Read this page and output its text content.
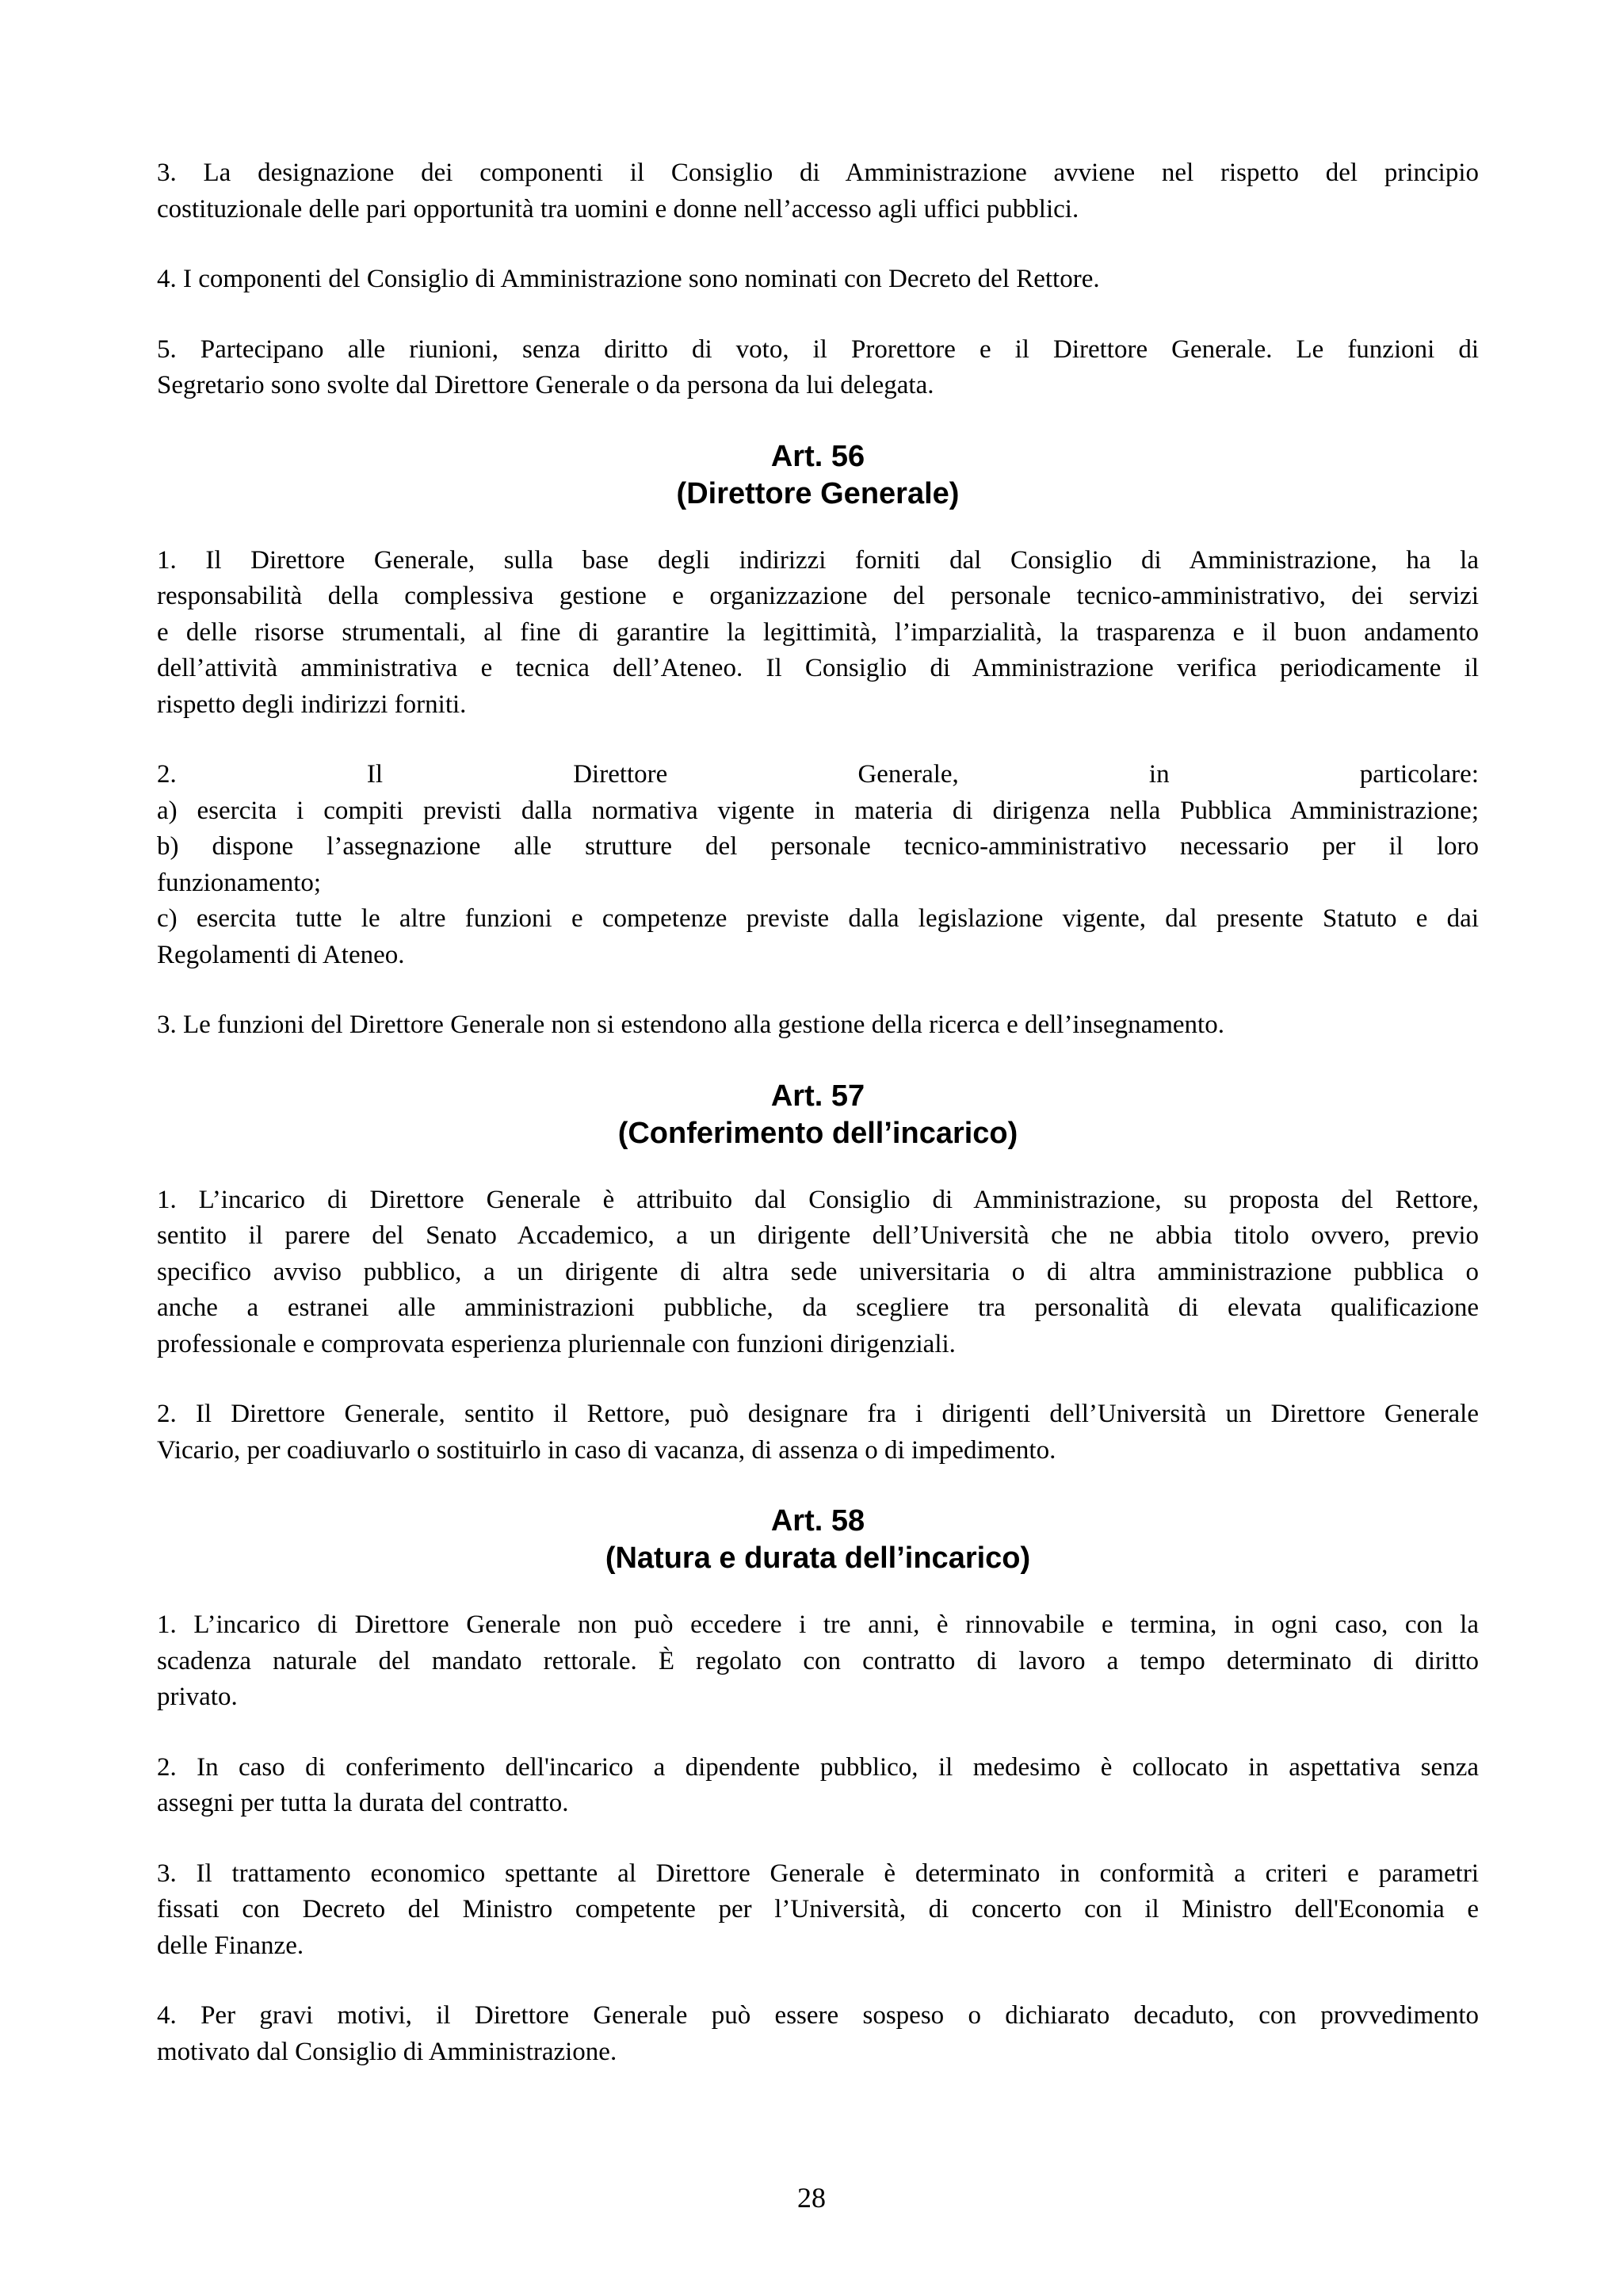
3. La designazione dei componenti il Consiglio di Amministrazione avviene nel rispetto del principio
costituzionale delle pari opportunità tra uomini e donne nell’accesso agli uffici pubblici.
4. I componenti del Consiglio di Amministrazione sono nominati con Decreto del Rettore.
5. Partecipano alle riunioni, senza diritto di voto, il Prorettore e il Direttore Generale. Le funzioni di
Segretario sono svolte dal Direttore Generale o da persona da lui delegata.
Art. 56
(Direttore Generale)
1. Il Direttore Generale, sulla base degli indirizzi forniti dal Consiglio di Amministrazione, ha la
responsabilità della complessiva gestione e organizzazione del personale tecnico-amministrativo, dei servizi
e delle risorse strumentali, al fine di garantire la legittimità, l’imparzialità, la trasparenza e il buon andamento
dell’attività amministrativa e tecnica dell’Ateneo. Il Consiglio di Amministrazione verifica periodicamente il
rispetto degli indirizzi forniti.
2. Il Direttore Generale, in particolare:
a) esercita i compiti previsti dalla normativa vigente in materia di dirigenza nella Pubblica Amministrazione;
b) dispone l’assegnazione alle strutture del personale tecnico-amministrativo necessario per il loro
funzionamento;
c) esercita tutte le altre funzioni e competenze previste dalla legislazione vigente, dal presente Statuto e dai
Regolamenti di Ateneo.
3. Le funzioni del Direttore Generale non si estendono alla gestione della ricerca e dell’insegnamento.
Art. 57
(Conferimento dell’incarico)
1. L’incarico di Direttore Generale è attribuito dal Consiglio di Amministrazione, su proposta del Rettore,
sentito il parere del Senato Accademico, a un dirigente dell’Università che ne abbia titolo ovvero, previo
specifico avviso pubblico, a un dirigente di altra sede universitaria o di altra amministrazione pubblica o
anche a estranei alle amministrazioni pubbliche, da scegliere tra personalità di elevata qualificazione
professionale e comprovata esperienza pluriennale con funzioni dirigenziali.
2. Il Direttore Generale, sentito il Rettore, può designare fra i dirigenti dell’Università un Direttore Generale
Vicario, per coadiuvarlo o sostituirlo in caso di vacanza, di assenza o di impedimento.
Art. 58
(Natura e durata dell’incarico)
1. L’incarico di Direttore Generale non può eccedere i tre anni, è rinnovabile e termina, in ogni caso, con la
scadenza naturale del mandato rettorale. È regolato con contratto di lavoro a tempo determinato di diritto
privato.
2. In caso di conferimento dell'incarico a dipendente pubblico, il medesimo è collocato in aspettativa senza
assegni per tutta la durata del contratto.
3. Il trattamento economico spettante al Direttore Generale è determinato in conformità a criteri e parametri
fissati con Decreto del Ministro competente per l’Università, di concerto con il Ministro dell'Economia e
delle Finanze.
4. Per gravi motivi, il Direttore Generale può essere sospeso o dichiarato decaduto, con provvedimento
motivato dal Consiglio di Amministrazione.
28
